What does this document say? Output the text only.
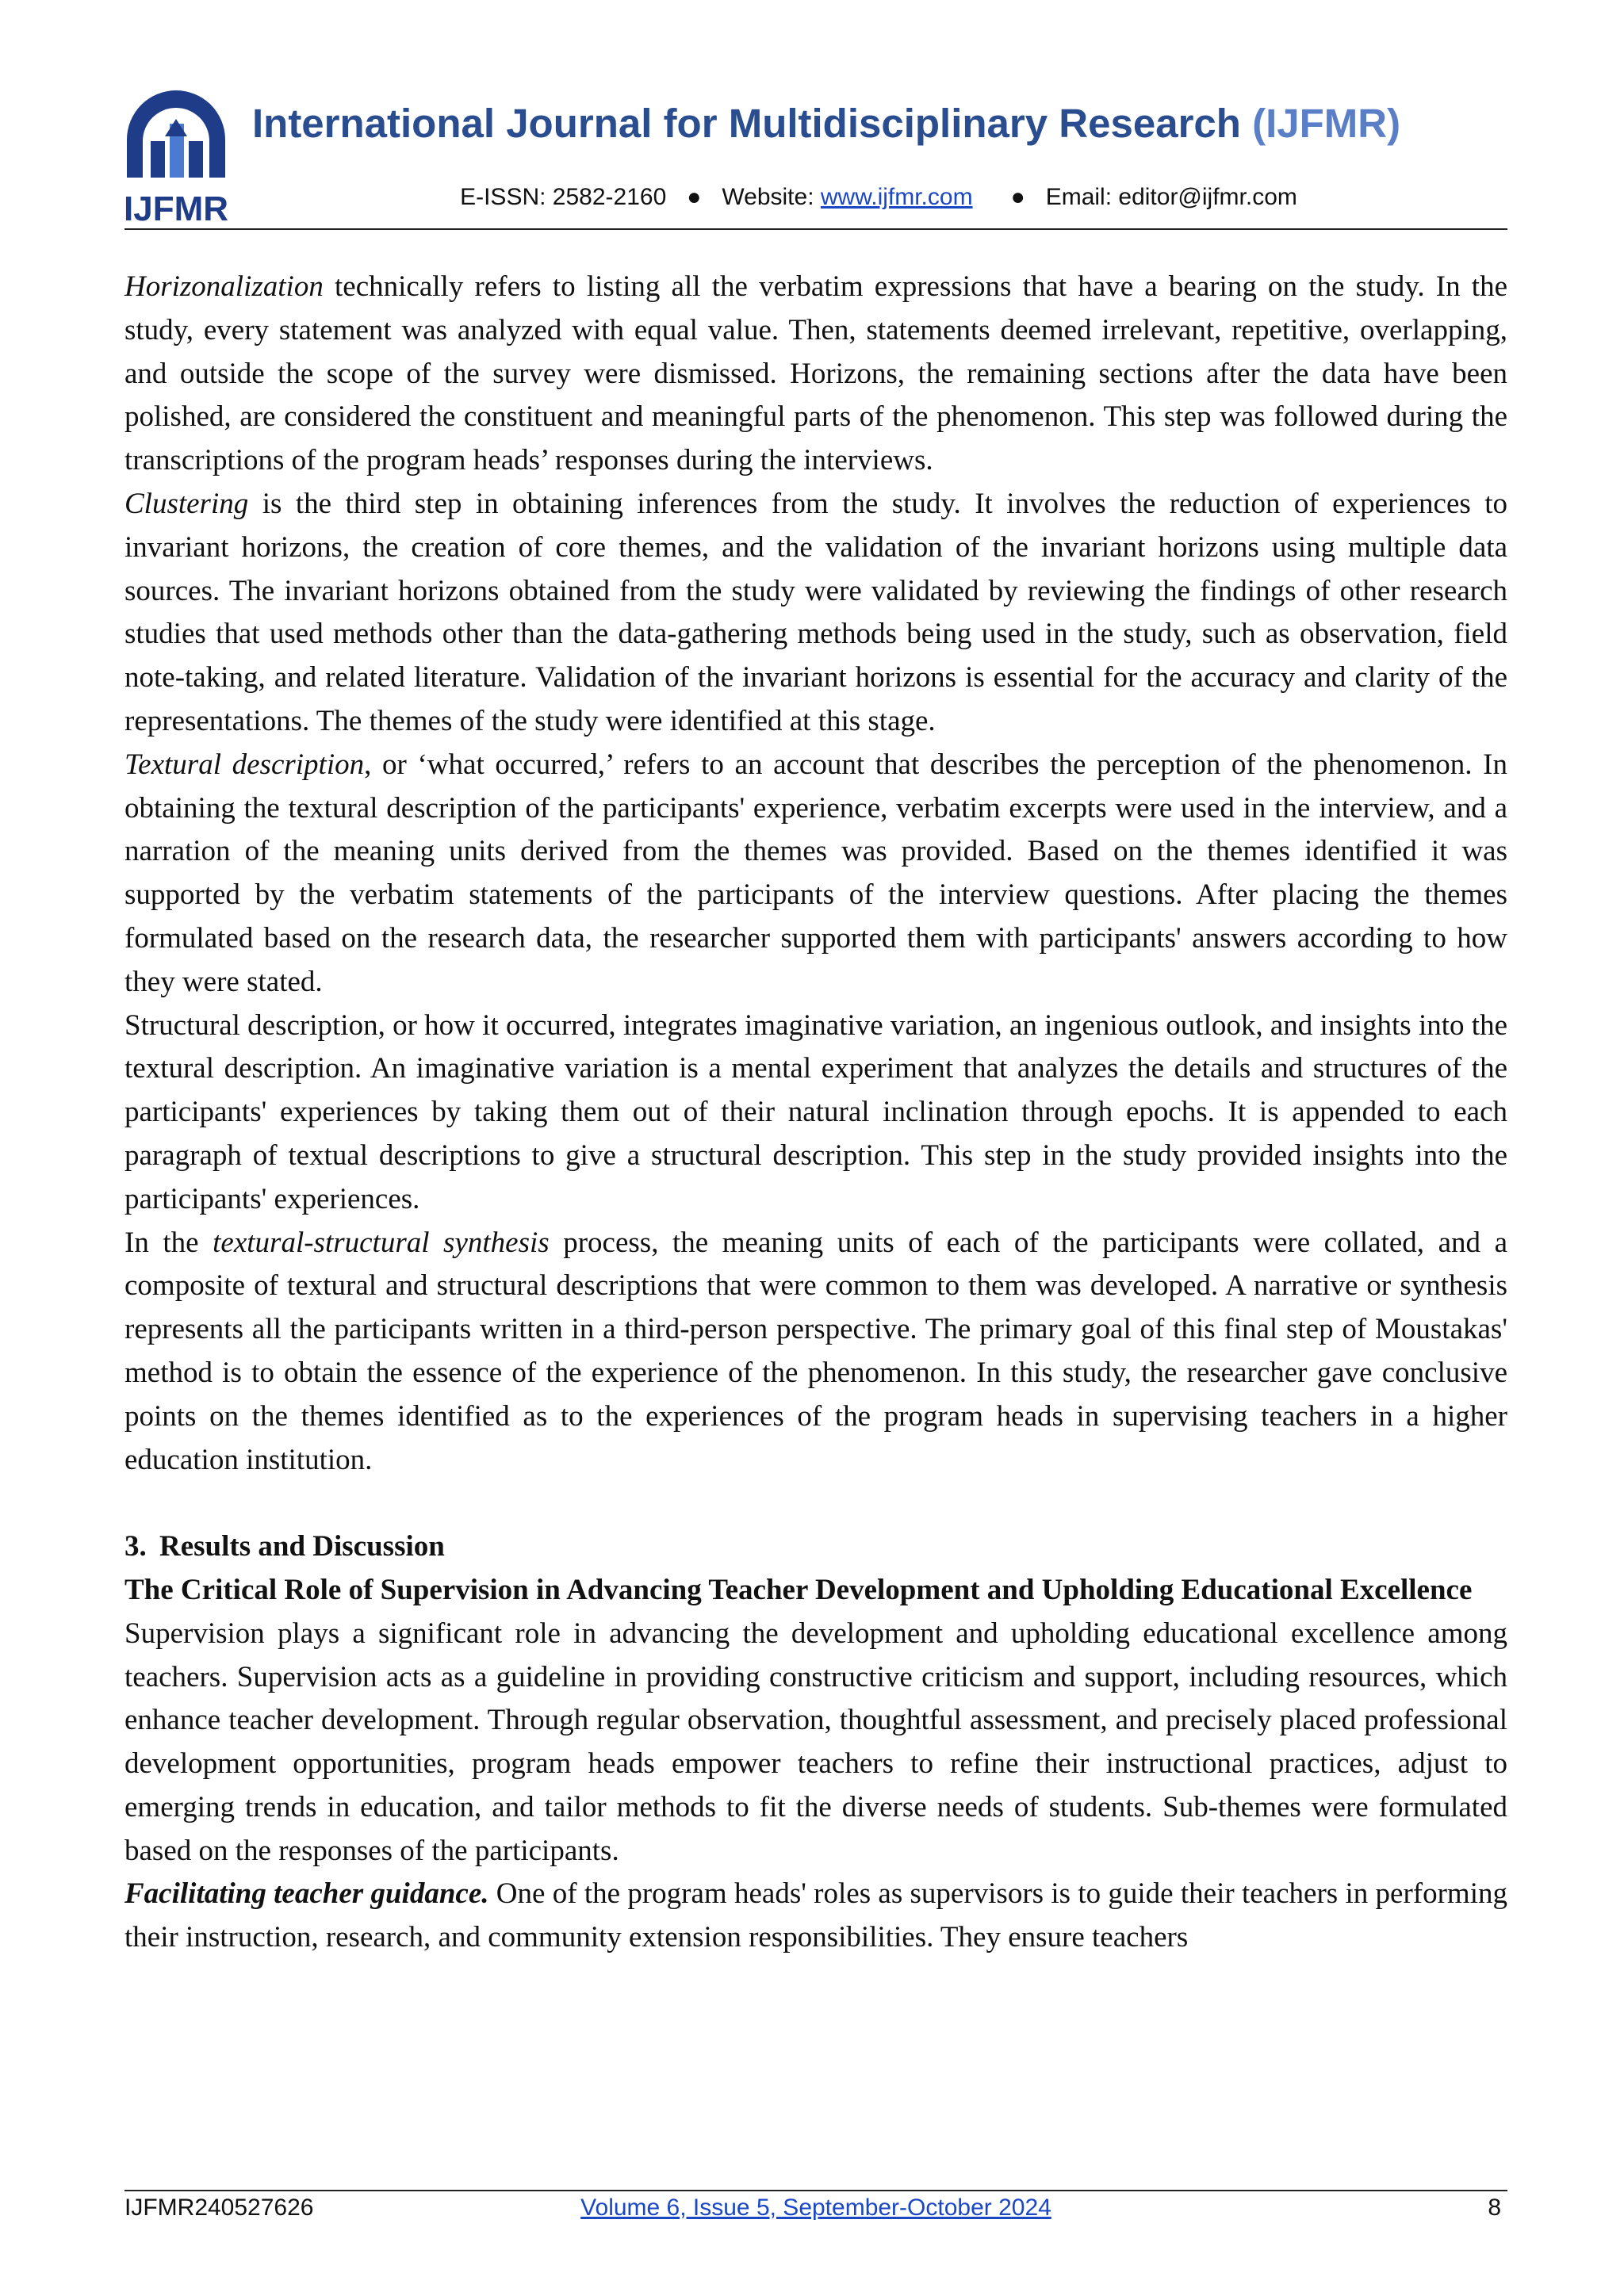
IJFMR
International Journal for Multidisciplinary Research (IJFMR)
E-ISSN: 2582-2160 ● Website: www.ijfmr.com ● Email: editor@ijfmr.com

Horizonalization technically refers to listing all the verbatim expressions that have a bearing on the study. In the study, every statement was analyzed with equal value. Then, statements deemed irrelevant, repetitive, overlapping, and outside the scope of the survey were dismissed. Horizons, the remaining sections after the data have been polished, are considered the constituent and meaningful parts of the phenomenon. This step was followed during the transcriptions of the program heads’ responses during the interviews.

Clustering is the third step in obtaining inferences from the study. It involves the reduction of experiences to invariant horizons, the creation of core themes, and the validation of the invariant horizons using multiple data sources. The invariant horizons obtained from the study were validated by reviewing the findings of other research studies that used methods other than the data-gathering methods being used in the study, such as observation, field note-taking, and related literature. Validation of the invariant horizons is essential for the accuracy and clarity of the representations. The themes of the study were identified at this stage.

Textural description, or ‘what occurred,’ refers to an account that describes the perception of the phenomenon. In obtaining the textural description of the participants' experience, verbatim excerpts were used in the interview, and a narration of the meaning units derived from the themes was provided. Based on the themes identified it was supported by the verbatim statements of the participants of the interview questions. After placing the themes formulated based on the research data, the researcher supported them with participants' answers according to how they were stated.

Structural description, or how it occurred, integrates imaginative variation, an ingenious outlook, and insights into the textural description. An imaginative variation is a mental experiment that analyzes the details and structures of the participants' experiences by taking them out of their natural inclination through epochs. It is appended to each paragraph of textual descriptions to give a structural description. This step in the study provided insights into the participants' experiences.

In the textural-structural synthesis process, the meaning units of each of the participants were collated, and a composite of textural and structural descriptions that were common to them was developed. A narrative or synthesis represents all the participants written in a third-person perspective. The primary goal of this final step of Moustakas' method is to obtain the essence of the experience of the phenomenon. In this study, the researcher gave conclusive points on the themes identified as to the experiences of the program heads in supervising teachers in a higher education institution.

3. Results and Discussion

The Critical Role of Supervision in Advancing Teacher Development and Upholding Educational Excellence

Supervision plays a significant role in advancing the development and upholding educational excellence among teachers. Supervision acts as a guideline in providing constructive criticism and support, including resources, which enhance teacher development. Through regular observation, thoughtful assessment, and precisely placed professional development opportunities, program heads empower teachers to refine their instructional practices, adjust to emerging trends in education, and tailor methods to fit the diverse needs of students. Sub-themes were formulated based on the responses of the participants.

Facilitating teacher guidance. One of the program heads' roles as supervisors is to guide their teachers in performing their instruction, research, and community extension responsibilities. They ensure teachers

IJFMR240527626	Volume 6, Issue 5, September-October 2024	8
